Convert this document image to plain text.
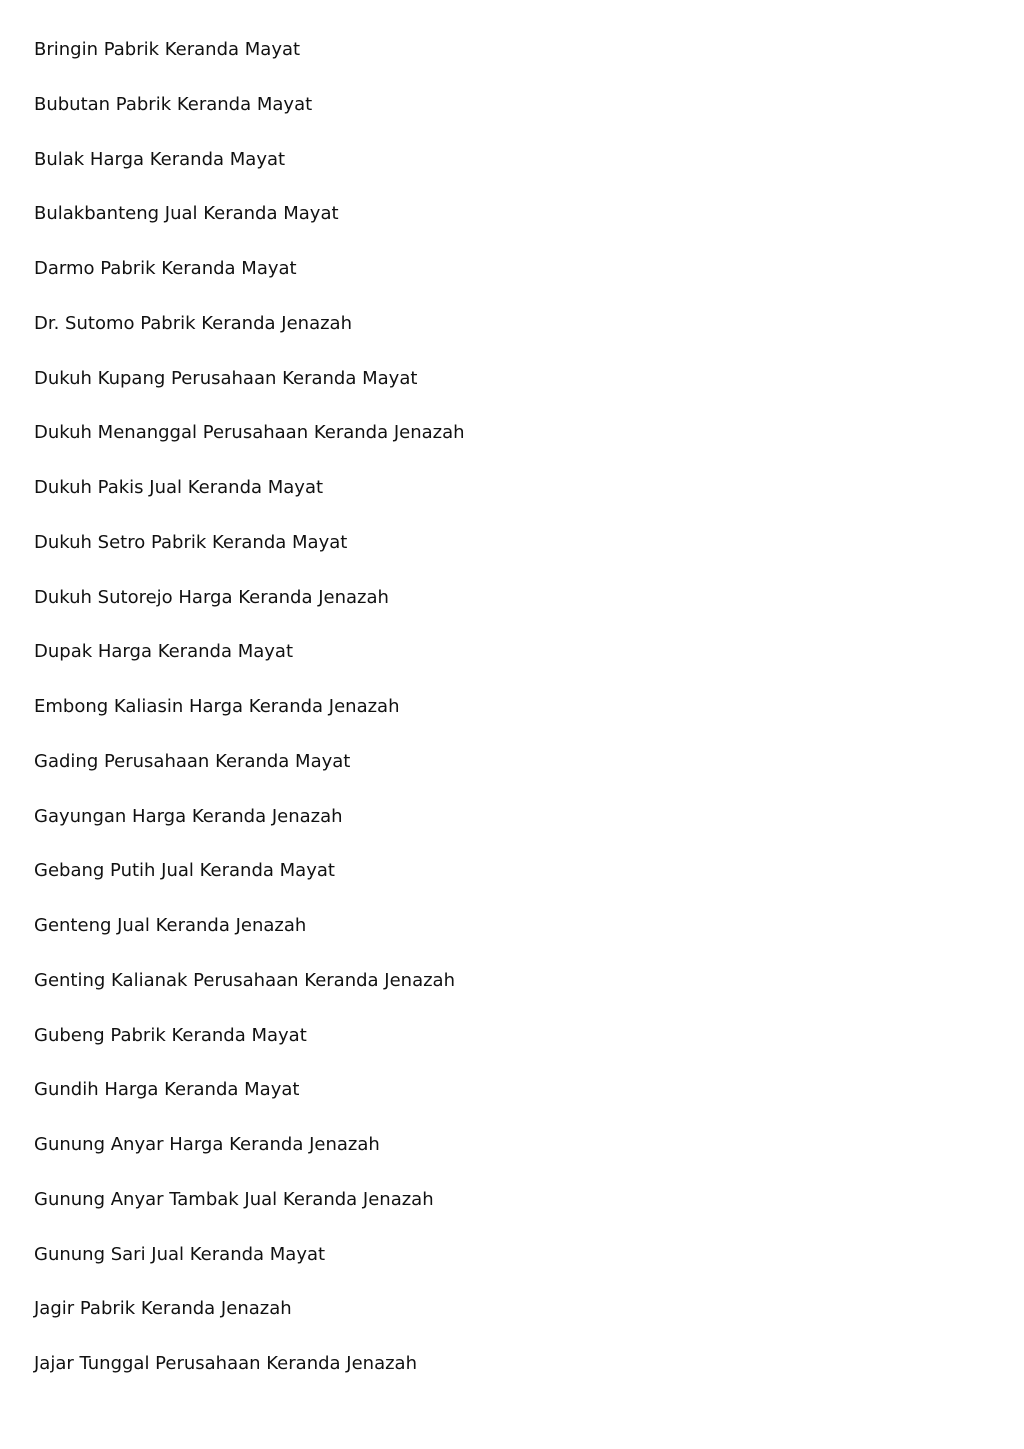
Bringin Pabrik Keranda Mayat
Bubutan Pabrik Keranda Mayat
Bulak Harga Keranda Mayat
Bulakbanteng Jual Keranda Mayat
Darmo Pabrik Keranda Mayat
Dr. Sutomo Pabrik Keranda Jenazah
Dukuh Kupang Perusahaan Keranda Mayat
Dukuh Menanggal Perusahaan Keranda Jenazah
Dukuh Pakis Jual Keranda Mayat
Dukuh Setro Pabrik Keranda Mayat
Dukuh Sutorejo Harga Keranda Jenazah
Dupak Harga Keranda Mayat
Embong Kaliasin Harga Keranda Jenazah
Gading Perusahaan Keranda Mayat
Gayungan Harga Keranda Jenazah
Gebang Putih Jual Keranda Mayat
Genteng Jual Keranda Jenazah
Genting Kalianak Perusahaan Keranda Jenazah
Gubeng Pabrik Keranda Mayat
Gundih Harga Keranda Mayat
Gunung Anyar Harga Keranda Jenazah
Gunung Anyar Tambak Jual Keranda Jenazah
Gunung Sari Jual Keranda Mayat
Jagir Pabrik Keranda Jenazah
Jajar Tunggal Perusahaan Keranda Jenazah
